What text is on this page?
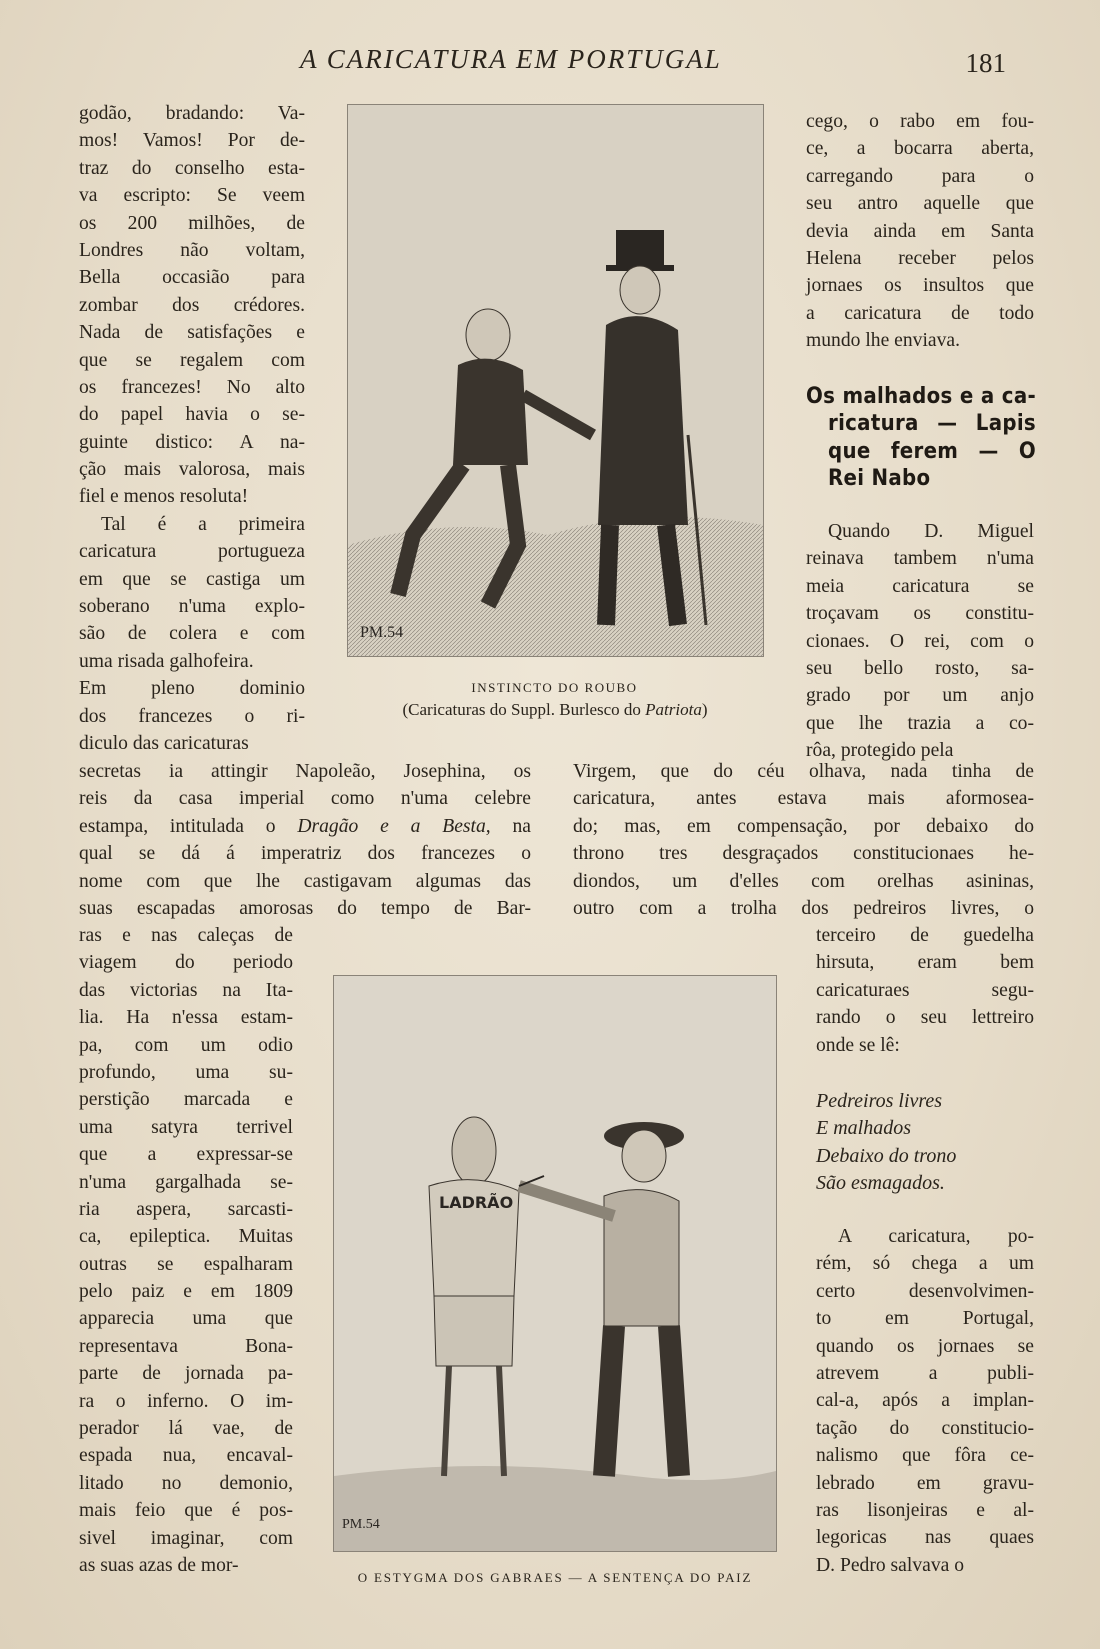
A CARICATURA EM PORTUGAL	181
godão, bradando: Va-
mos! Vamos! Por de-
traz do conselho esta-
va escripto: Se veem
os 200 milhões, de
Londres não voltam,
Bella occasião para
zombar dos crédores.
Nada de satisfações e
que se regalem com
os francezes! No alto
do papel havia o se-
guinte distico: A na-
ção mais valorosa, mais
fiel e menos resoluta!
Tal é a primeira
caricatura portugueza
em que se castiga um
soberano n'uma explo-
são de colera e com
uma risada galhofeira.
Em pleno dominio
dos francezes o ri-
diculo das caricaturas
secretas ia attingir Napoleão, Josephina, os
reis da casa imperial como n'uma celebre
estampa, intitulada o Dragão e a Besta, na
qual se dá á imperatriz dos francezes o
nome com que lhe castigavam algumas das
suas escapadas amorosas do tempo de Bar-
ras e nas caleças de
viagem do periodo
das victorias na Ita-
lia. Ha n'essa estam-
pa, com um odio
profundo, uma su-
perstição marcada e
uma satyra terrivel
que a expressar-se
n'uma gargalhada se-
ria aspera, sarcasti-
ca, epileptica. Muitas
outras se espalharam
pelo paiz e em 1809
apparecia uma que
representava Bona-
parte de jornada pa-
ra o inferno. O im-
perador lá vae, de
espada nua, encaval-
litado no demonio,
mais feio que é pos-
sivel imaginar, com
as suas azas de mor-
cego, o rabo em fou-
ce, a bocarra aberta,
carregando para o
seu antro aquelle que
devia ainda em Santa
Helena receber pelos
jornaes os insultos que
a caricatura de todo
mundo lhe enviava.
Os malhados e a ca-
ricatura — Lapis
que ferem — O
Rei Nabo
Quando D. Miguel
reinava tambem n'uma
meia caricatura se
troçavam os constitu-
cionaes. O rei, com o
seu bello rosto, sa-
grado por um anjo
que lhe trazia a co-
rôa, protegido pela
Virgem, que do céu olhava, nada tinha de
caricatura, antes estava mais aformosea-
do; mas, em compensação, por debaixo do
throno tres desgraçados constitucionaes he-
diondos, um d'elles com orelhas asininas,
outro com a trolha dos pedreiros livres, o
terceiro de guedelha
hirsuta, eram bem
caricaturaes segu-
rando o seu lettreiro
onde se lê:
Pedreiros livres
E malhados
Debaixo do trono
São esmagados.
A caricatura, po-
rém, só chega a um
certo desenvolvimen-
to em Portugal,
quando os jornaes se
atrevem a publi-
cal-a, após a implan-
tação do constitucio-
nalismo que fôra ce-
lebrado em gravu-
ras lisonjeiras e al-
legoricas nas quaes
D. Pedro salvava o
PM.54
INSTINCTO DO ROUBO
(Caricaturas do Suppl. Burlesco do Patriota)
LADRÃO
PM.54
O ESTYGMA DOS GABRAES — A SENTENÇA DO PAIZ
